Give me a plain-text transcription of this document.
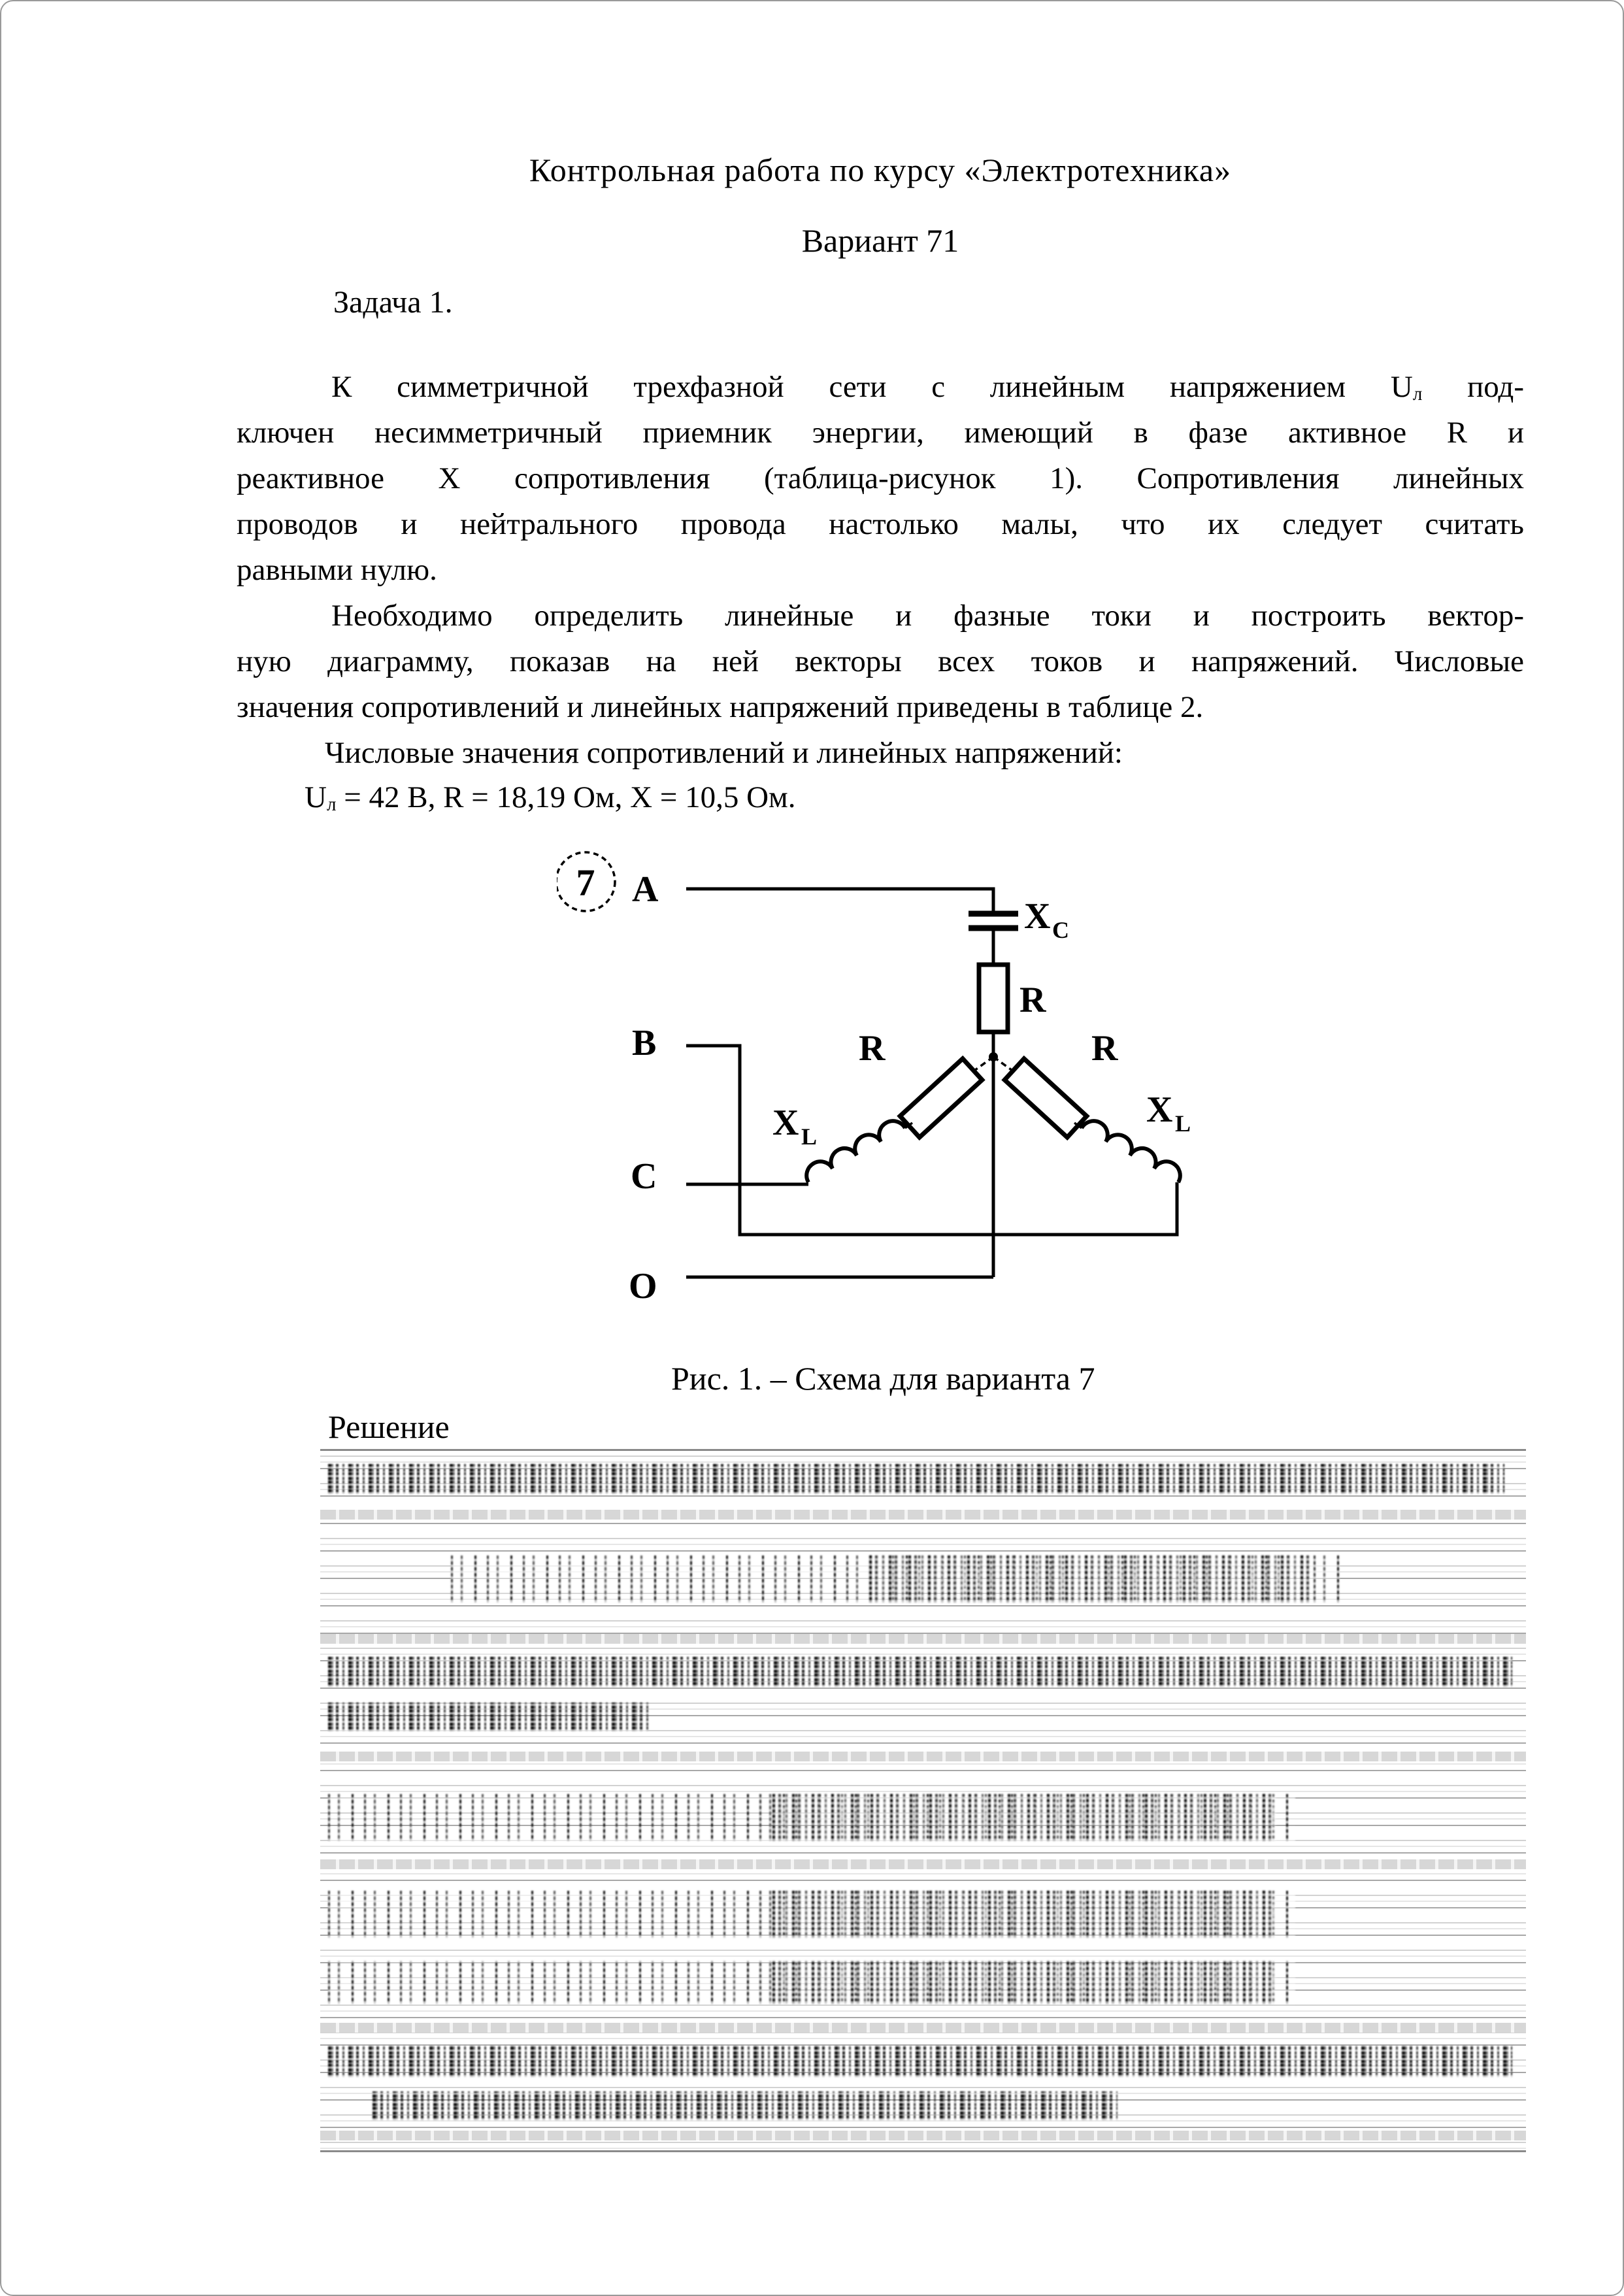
Контрольная работа по курсу «Электротехника»
Вариант 71
Задача 1.
К симметричной трехфазной сети с линейным напряжением Uл под-
ключен несимметричный приемник энергии, имеющий в фазе активное R и
реактивное X сопротивления (таблица-рисунок 1). Сопротивления линейных
проводов и нейтрального провода настолько малы, что их следует считать
равными нулю.
Необходимо определить линейные и фазные токи и построить вектор-
ную диаграмму, показав на ней векторы всех токов и напряжений. Числовые
значения сопротивлений и линейных напряжений приведены в таблице 2.
Числовые значения сопротивлений и линейных напряжений:
Uл = 42 В, R = 18,19 Ом, X = 10,5 Ом.
7 A
B
C
O
X C
R
R
X L
R
X L
Рис. 1. – Схема для варианта 7
Решение
